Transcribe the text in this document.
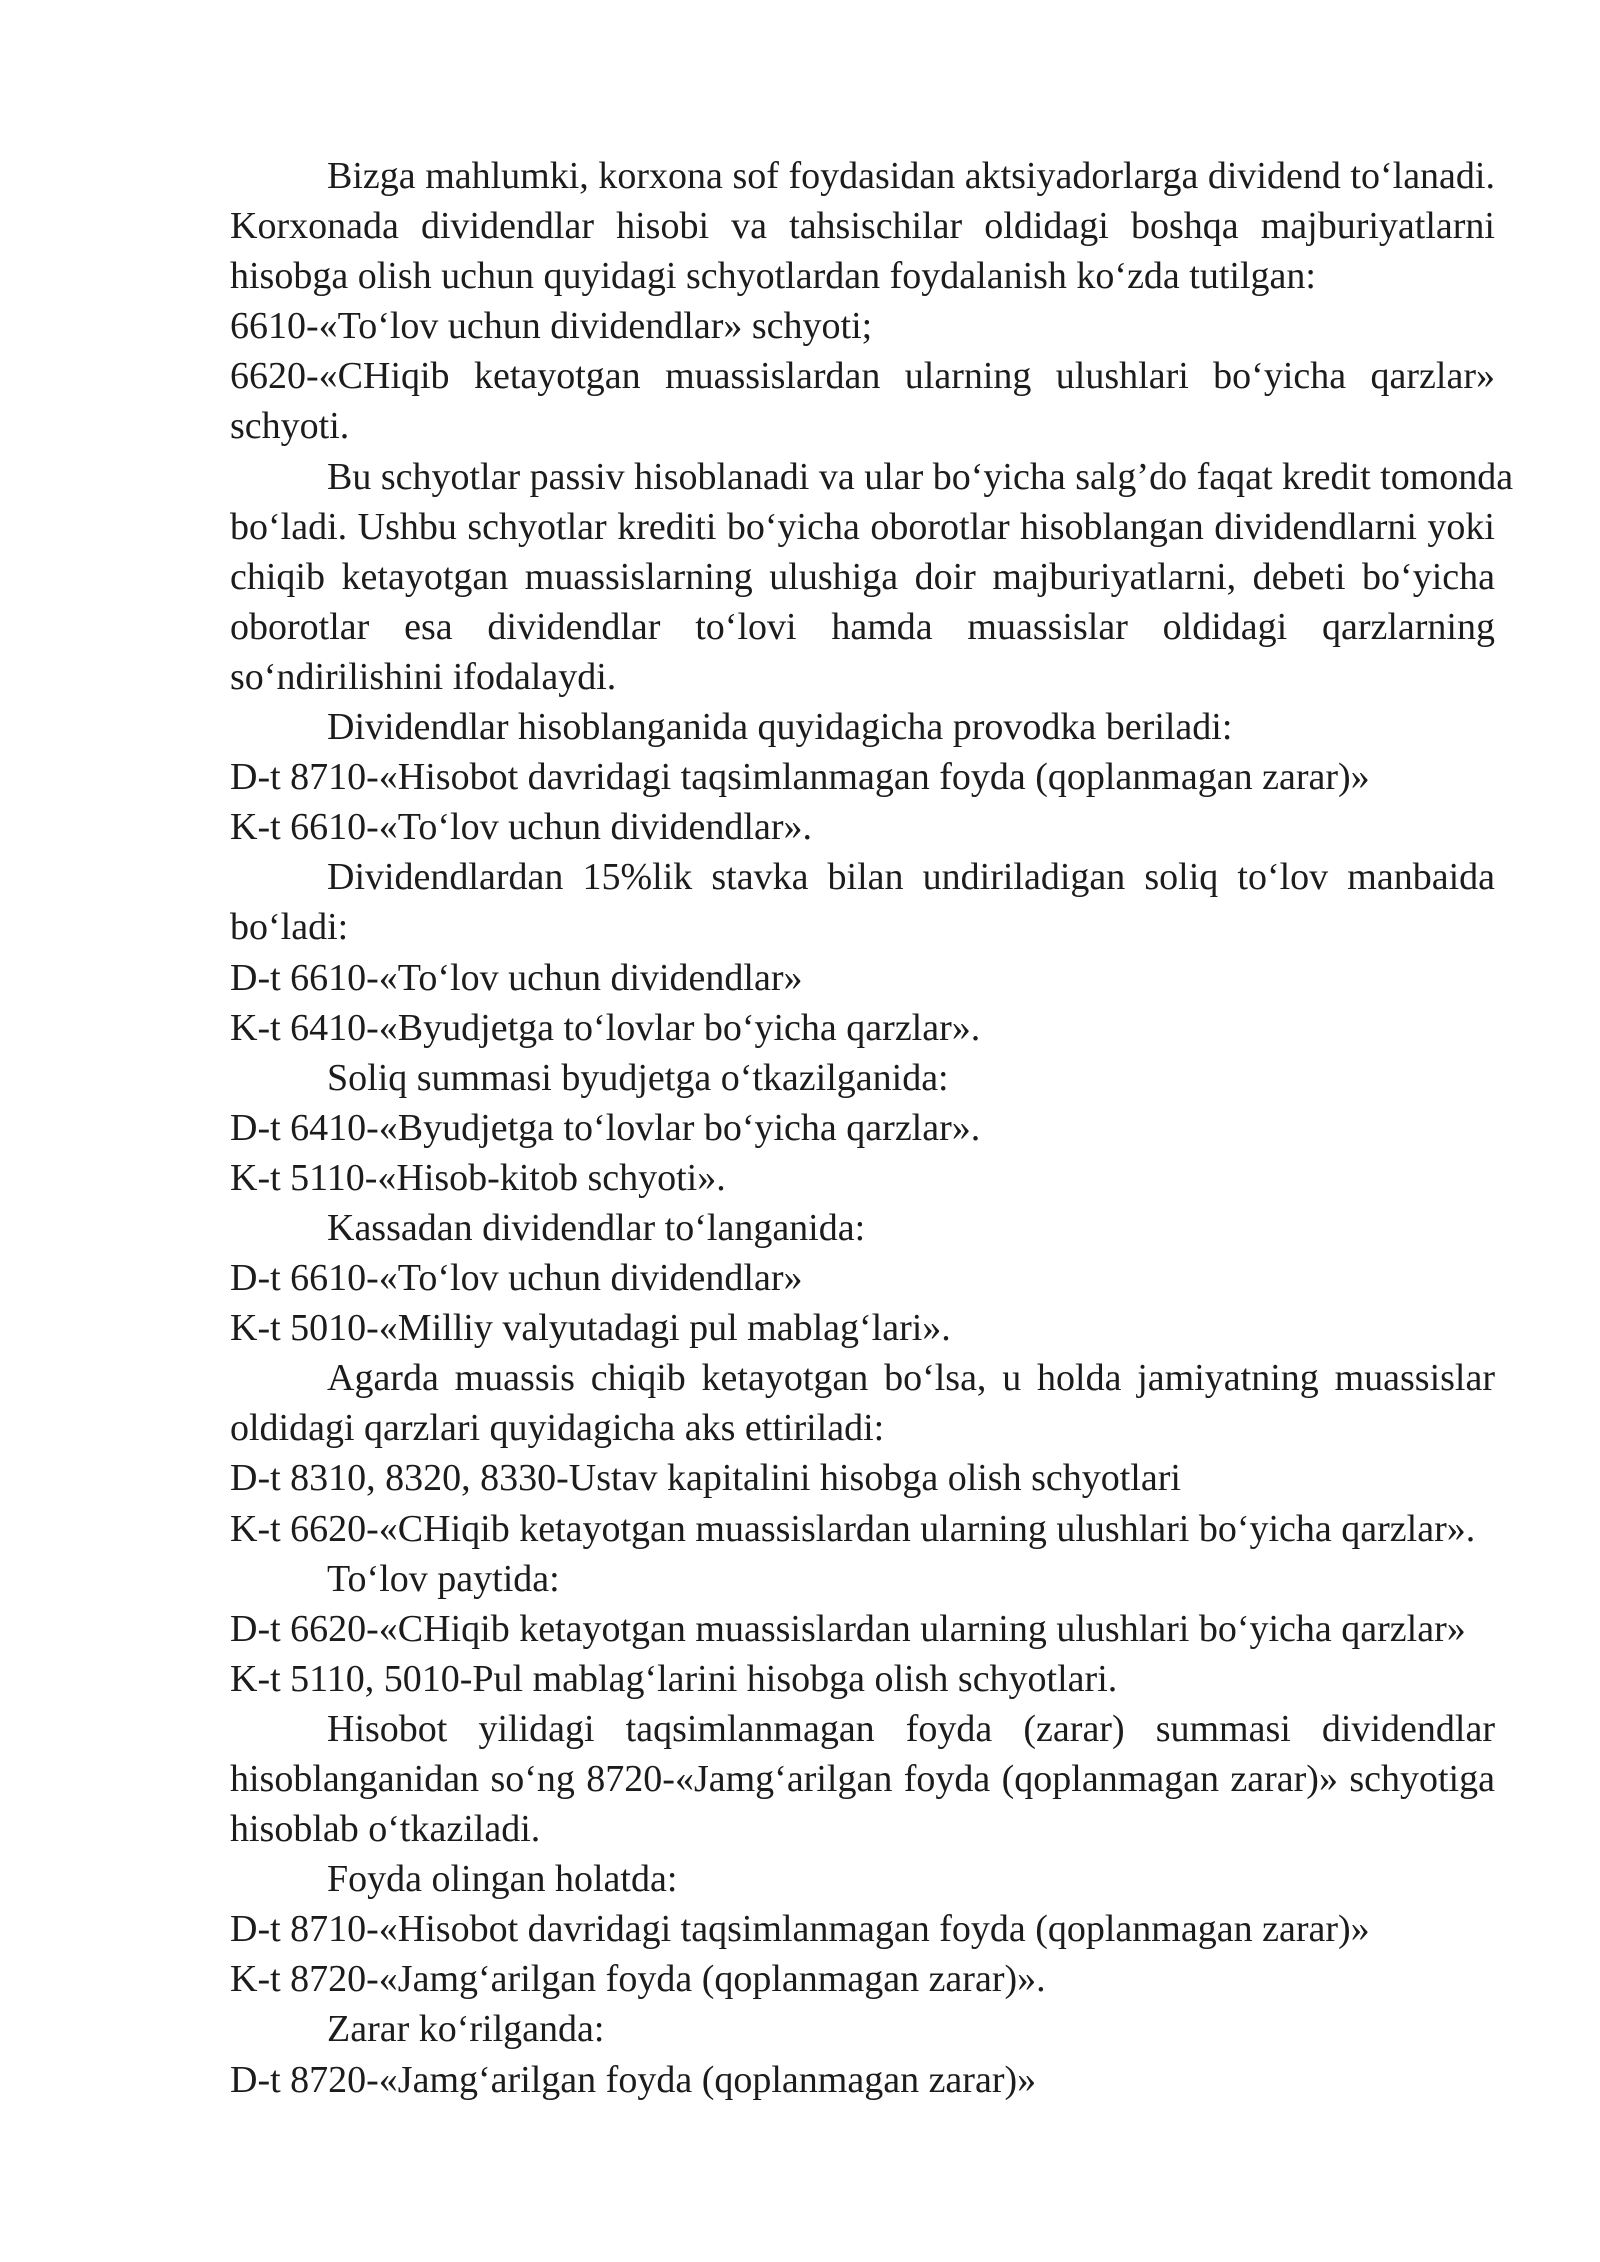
Bizga mahlumki, korxona sof foydasidan aktsiyadorlarga dividend to‘lanadi.
Korxonada dividendlar hisobi va tahsischilar oldidagi boshqa majburiyatlarni
hisobga olish uchun quyidagi schyotlardan foydalanish ko‘zda tutilgan:
6610-«To‘lov uchun dividendlar» schyoti;
6620-«CHiqib ketayotgan muassislardan ularning ulushlari bo‘yicha qarzlar»
schyoti.
Bu schyotlar passiv hisoblanadi va ular bo‘yicha salg’do faqat kredit tomonda
bo‘ladi. Ushbu schyotlar krediti bo‘yicha oborotlar hisoblangan dividendlarni yoki
chiqib ketayotgan muassislarning ulushiga doir majburiyatlarni, debeti bo‘yicha
oborotlar esa dividendlar to‘lovi hamda muassislar oldidagi qarzlarning
so‘ndirilishini ifodalaydi.
Dividendlar hisoblanganida quyidagicha provodka beriladi:
D-t 8710-«Hisobot davridagi taqsimlanmagan foyda (qoplanmagan zarar)»
K-t 6610-«To‘lov uchun dividendlar».
Dividendlardan 15%lik stavka bilan undiriladigan soliq to‘lov manbaida
bo‘ladi:
D-t 6610-«To‘lov uchun dividendlar»
K-t 6410-«Byudjetga to‘lovlar bo‘yicha qarzlar».
Soliq summasi byudjetga o‘tkazilganida:
D-t 6410-«Byudjetga to‘lovlar bo‘yicha qarzlar».
K-t 5110-«Hisob-kitob schyoti».
Kassadan dividendlar to‘langanida:
D-t 6610-«To‘lov uchun dividendlar»
K-t 5010-«Milliy valyutadagi pul mablag‘lari».
Agarda muassis chiqib ketayotgan bo‘lsa, u holda jamiyatning muassislar
oldidagi qarzlari quyidagicha aks ettiriladi:
D-t 8310, 8320, 8330-Ustav kapitalini hisobga olish schyotlari
K-t 6620-«CHiqib ketayotgan muassislardan ularning ulushlari bo‘yicha qarzlar».
To‘lov paytida:
D-t 6620-«CHiqib ketayotgan muassislardan ularning ulushlari bo‘yicha qarzlar»
K-t 5110, 5010-Pul mablag‘larini hisobga olish schyotlari.
Hisobot yilidagi taqsimlanmagan foyda (zarar) summasi dividendlar
hisoblanganidan so‘ng 8720-«Jamg‘arilgan foyda (qoplanmagan zarar)» schyotiga
hisoblab o‘tkaziladi.
Foyda olingan holatda:
D-t 8710-«Hisobot davridagi taqsimlanmagan foyda (qoplanmagan zarar)»
K-t 8720-«Jamg‘arilgan foyda (qoplanmagan zarar)».
Zarar ko‘rilganda:
D-t 8720-«Jamg‘arilgan foyda (qoplanmagan zarar)»
